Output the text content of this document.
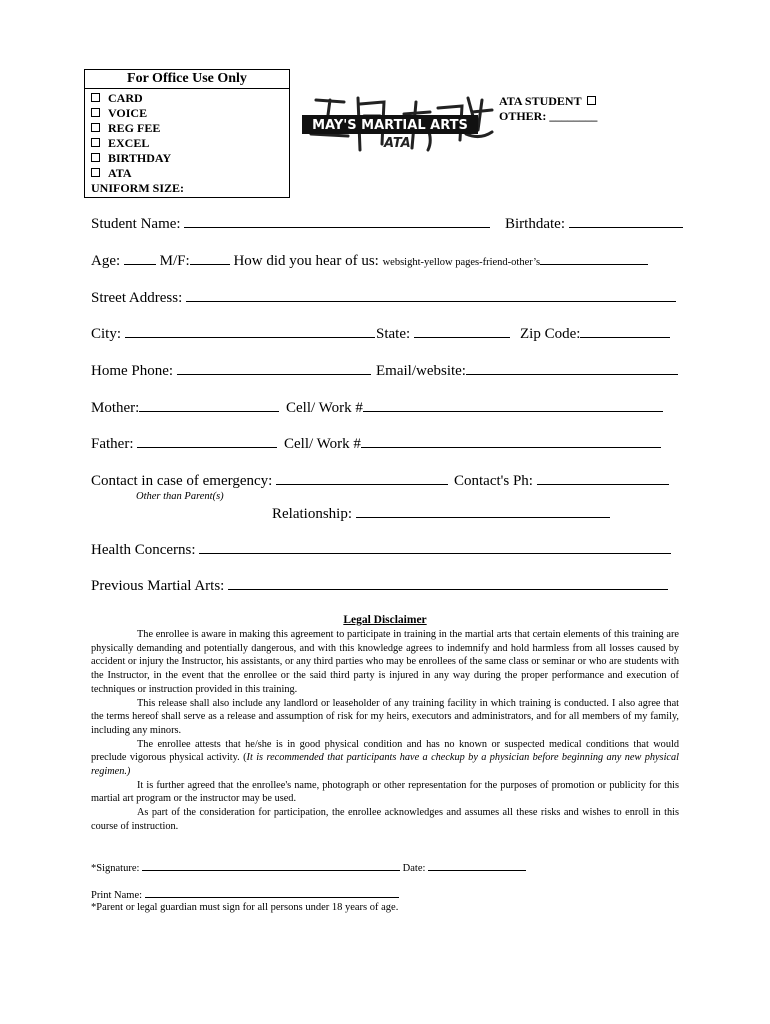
For Office Use Only
CARD
VOICE
REG FEE
EXCEL
BIRTHDAY
ATA
UNIFORM SIZE:
MAY'S MARTIAL ARTS
ATA
ATA STUDENT
OTHER: ________
Student Name:	Birthdate:
Age:	M/F:	How did you hear of us: websight-yellow pages-friend-other’s
Street Address:
City:	State:	Zip Code:
Home Phone:	Email/website:
Mother:	Cell/ Work #
Father:	Cell/ Work #
Contact in case of emergency:
Other than Parent(s)
Contact's Ph:
Relationship:
Health Concerns:
Previous Martial Arts:
Legal Disclaimer

The enrollee is aware in making this agreement to participate in training in the martial arts that certain elements of this training are physically demanding and potentially dangerous, and with this knowledge agrees to indemnify and hold harmless from all losses caused by accident or injury the Instructor, his assistants, or any third parties who may be enrollees of the same class or seminar or who are students with the Instructor, in the event that the enrollee or the said third party is injured in any way during the proper performance and execution of techniques or instruction provided in this training.

This release shall also include any landlord or leaseholder of any training facility in which training is conducted. I also agree that the terms hereof shall serve as a release and assumption of risk for my heirs, executors and administrators, and for all members of my family, including any minors.

The enrollee attests that he/she is in good physical condition and has no known or suspected medical conditions that would preclude vigorous physical activity. (It is recommended that participants have a checkup by a physician before beginning any new physical regimen.)

It is further agreed that the enrollee's name, photograph or other representation for the purposes of promotion or publicity for this martial art program or the instructor may be used.

As part of the consideration for participation, the enrollee acknowledges and assumes all these risks and wishes to enroll in this course of instruction.

*Signature:	Date:
Print Name:
*Parent or legal guardian must sign for all persons under 18 years of age.
